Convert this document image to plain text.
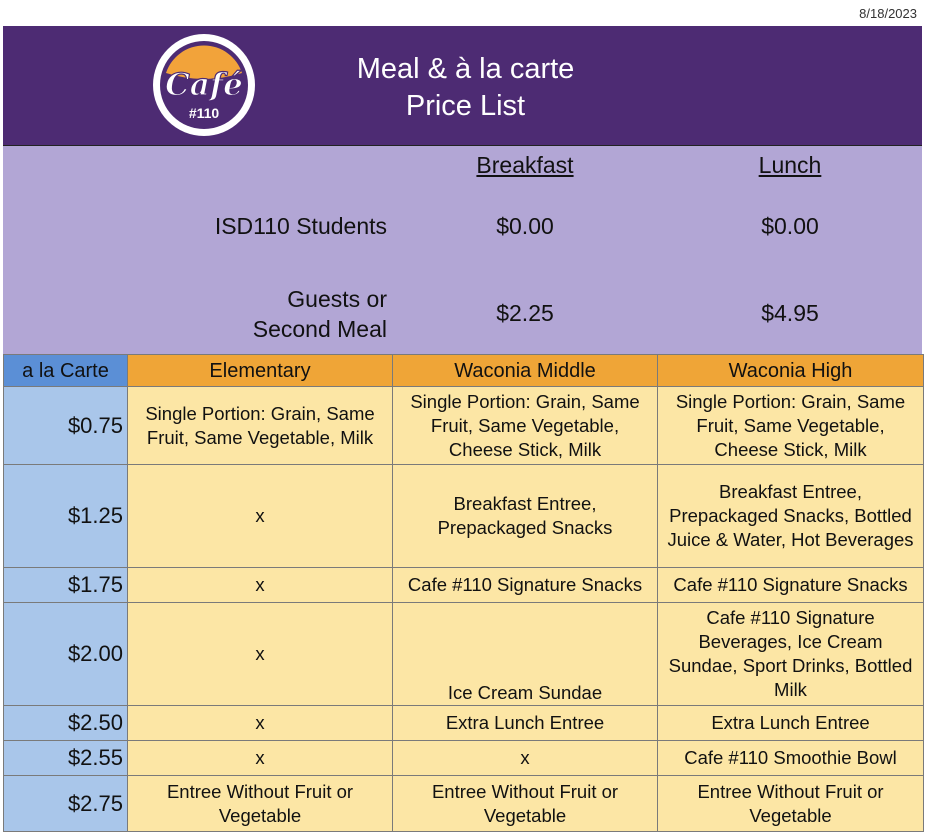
8/18/2023
Café
#110
Meal & à la carte
Price List
Breakfast	Lunch
ISD110 Students	$0.00	$0.00
Guests or
Second Meal
$2.25	$4.95
a la Carte	Elementary	Waconia Middle	Waconia High
$0.75	Single Portion: Grain, Same Fruit, Same Vegetable, Milk	Single Portion: Grain, Same Fruit, Same Vegetable, Cheese Stick, Milk	Single Portion: Grain, Same Fruit, Same Vegetable, Cheese Stick, Milk
$1.25	x	Breakfast Entree, Prepackaged Snacks	Breakfast Entree, Prepackaged Snacks, Bottled Juice & Water, Hot Beverages
$1.75	x	Cafe #110 Signature Snacks	Cafe #110 Signature Snacks
$2.00	x	Ice Cream Sundae	Cafe #110 Signature Beverages, Ice Cream Sundae, Sport Drinks, Bottled Milk
$2.50	x	Extra Lunch Entree	Extra Lunch Entree
$2.55	x	x	Cafe #110 Smoothie Bowl
$2.75	Entree Without Fruit or Vegetable	Entree Without Fruit or Vegetable	Entree Without Fruit or Vegetable
